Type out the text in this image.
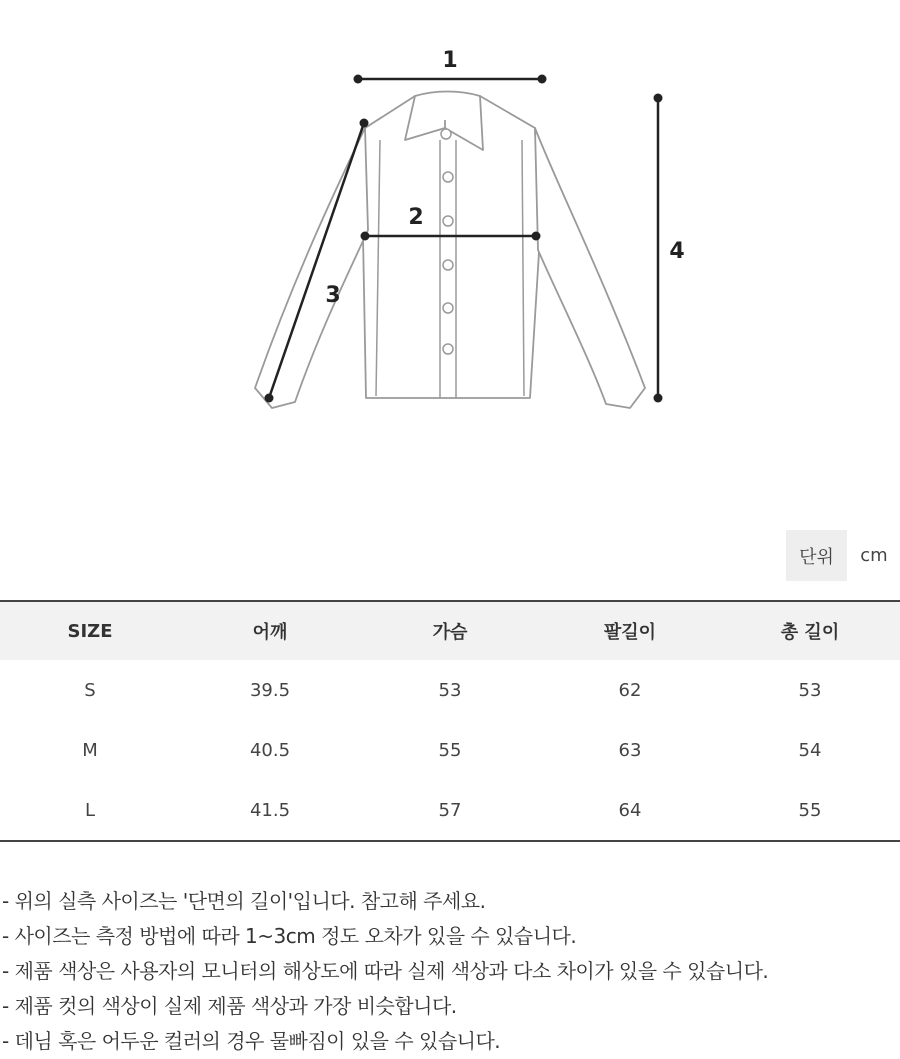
1
2
3
4
단위	cm
SIZE	어깨	가슴	팔길이	총 길이
S	39.5	53	62	53
M	40.5	55	63	54
L	41.5	57	64	55
- 위의 실측 사이즈는 '단면의 길이'입니다. 참고해 주세요.
- 사이즈는 측정 방법에 따라 1~3cm 정도 오차가 있을 수 있습니다.
- 제품 색상은 사용자의 모니터의 해상도에 따라 실제 색상과 다소 차이가 있을 수 있습니다.
- 제품 컷의 색상이 실제 제품 색상과 가장 비슷합니다.
- 데님 혹은 어두운 컬러의 경우 물빠짐이 있을 수 있습니다.
